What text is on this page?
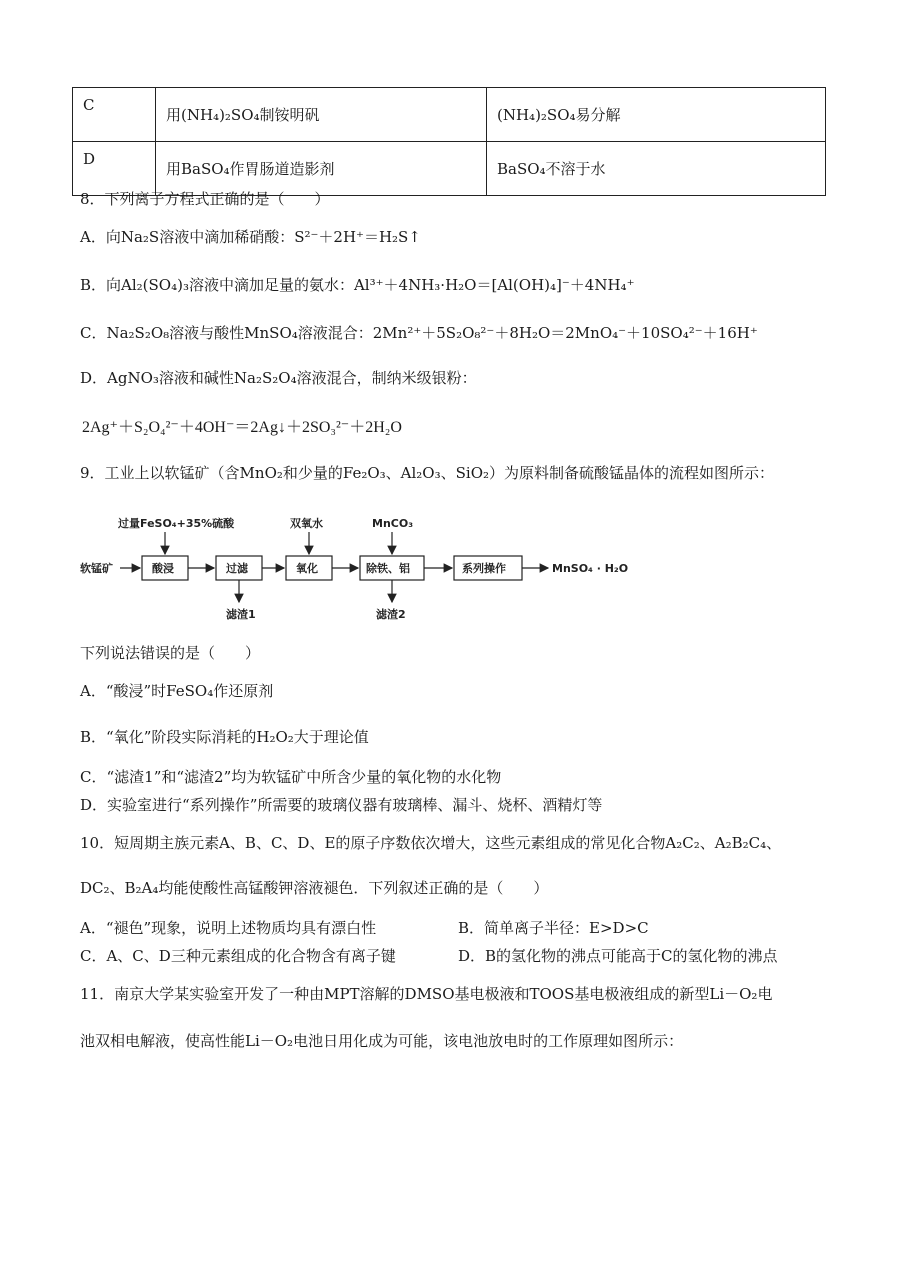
C	用(NH₄)₂SO₄制铵明矾	(NH₄)₂SO₄易分解
D	用BaSO₄作胃肠道造影剂	BaSO₄不溶于水
8．下列离子方程式正确的是（　　）
A．向Na₂S溶液中滴加稀硝酸：S²⁻＋2H⁺＝H₂S↑
B．向Al₂(SO₄)₃溶液中滴加足量的氨水：Al³⁺＋4NH₃·H₂O＝[Al(OH)₄]⁻＋4NH₄⁺
C．Na₂S₂O₈溶液与酸性MnSO₄溶液混合：2Mn²⁺＋5S₂O₈²⁻＋8H₂O＝2MnO₄⁻＋10SO₄²⁻＋16H⁺
D．AgNO₃溶液和碱性Na₂S₂O₄溶液混合，制纳米级银粉：
2Ag⁺＋S₂O₄²⁻＋4OH⁻＝2Ag↓＋2SO₃²⁻＋2H₂O
9．工业上以软锰矿（含MnO₂和少量的Fe₂O₃、Al₂O₃、SiO₂）为原料制备硫酸锰晶体的流程如图所示：
过量FeSO₄+35%硫酸	双氧水	MnCO₃
软锰矿	酸浸	过滤	氧化	除铁、铝	系列操作	MnSO₄ · H₂O
滤渣1	滤渣2
下列说法错误的是（　　）
A．“酸浸”时FeSO₄作还原剂
B．“氧化”阶段实际消耗的H₂O₂大于理论值
C．“滤渣1”和“滤渣2”均为软锰矿中所含少量的氧化物的水化物
D．实验室进行“系列操作”所需要的玻璃仪器有玻璃棒、漏斗、烧杯、酒精灯等
10．短周期主族元素A、B、C、D、E的原子序数依次增大，这些元素组成的常见化合物A₂C₂、A₂B₂C₄、
DC₂、B₂A₄均能使酸性高锰酸钾溶液褪色．下列叙述正确的是（　　）
A．“褪色”现象，说明上述物质均具有漂白性	B．简单离子半径：E>D>C
C．A、C、D三种元素组成的化合物含有离子键	D．B的氢化物的沸点可能高于C的氢化物的沸点
11．南京大学某实验室开发了一种由MPT溶解的DMSO基电极液和TOOS基电极液组成的新型Li－O₂电
池双相电解液，使高性能Li－O₂电池日用化成为可能，该电池放电时的工作原理如图所示：
